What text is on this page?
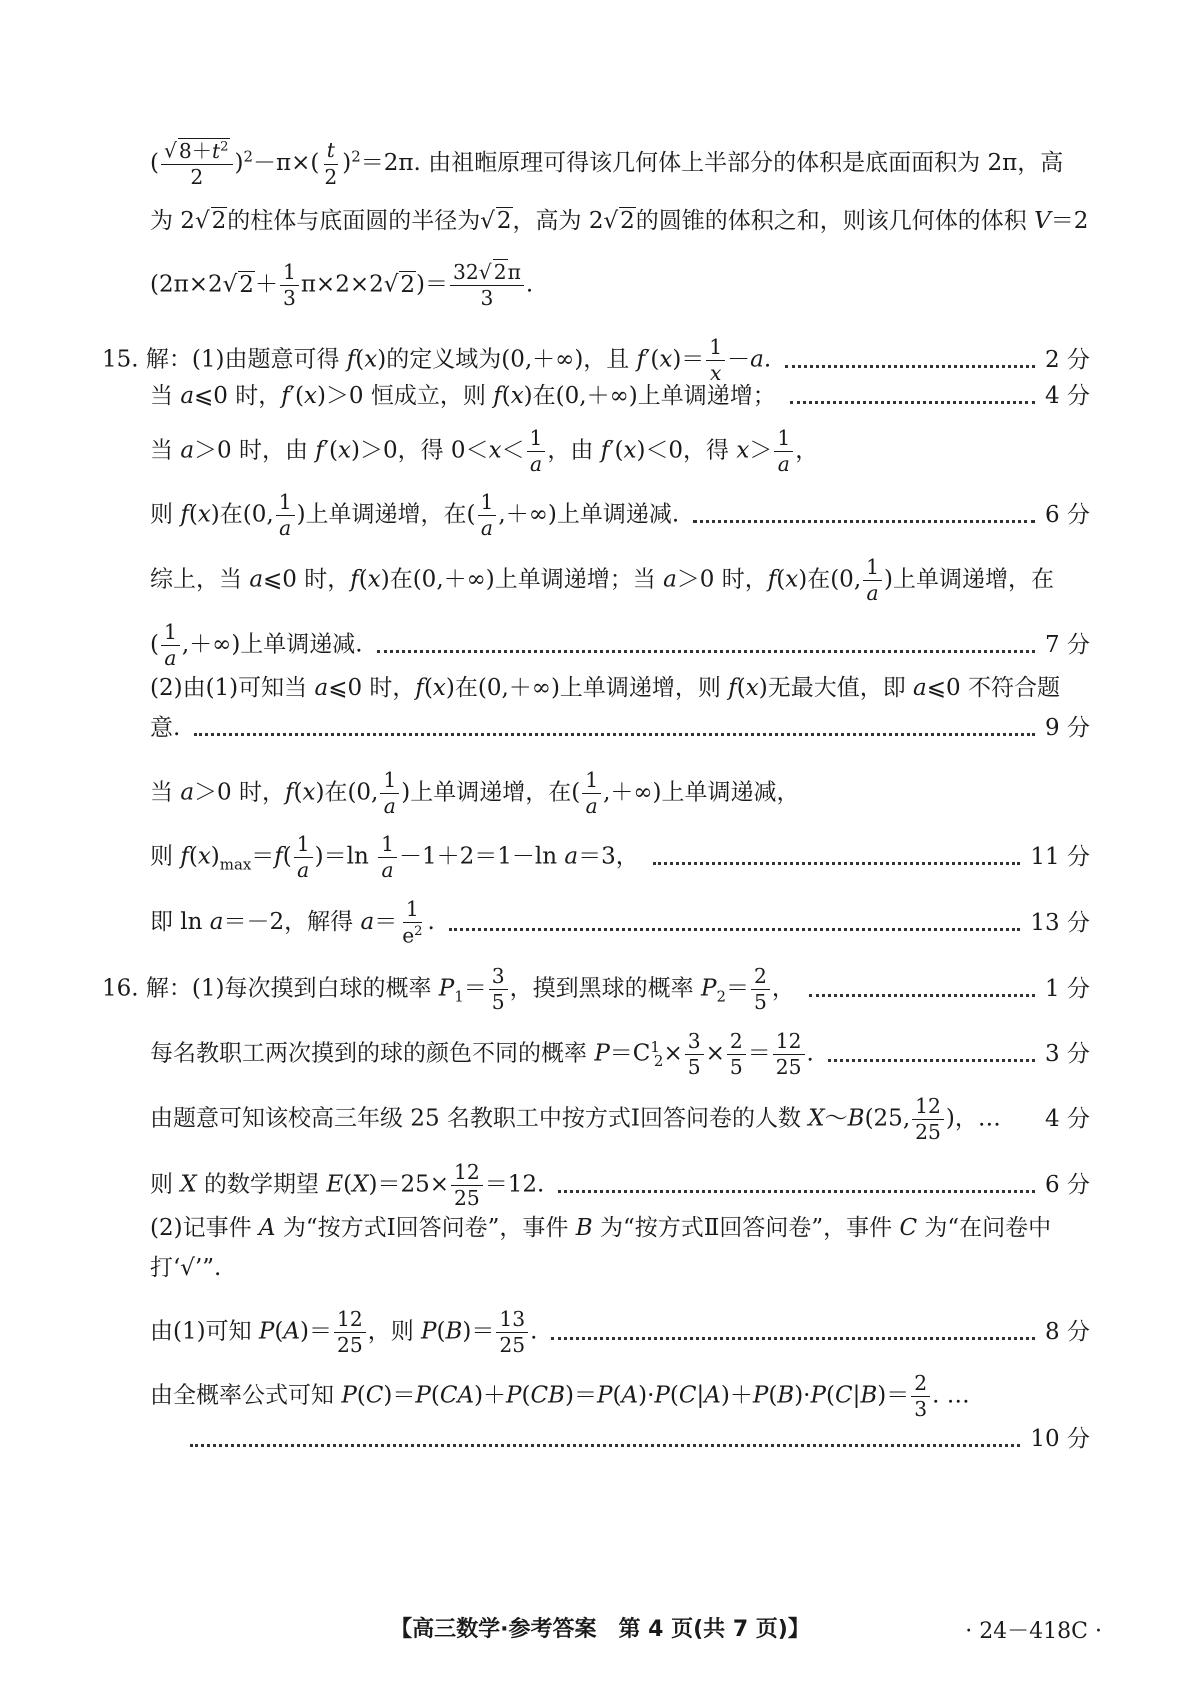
( $\frac{√8+t^2}{2} )^2-\pi\times( \frac{t}{2} )^2=2\pi$. 由祖暅原理可得该几何体上半部分的体积是底面面积为 2π，高
为 2√2的柱体与底面圆的半径为√2，高为 2√2的圆锥的体积之和，则该几何体的体积 V＝2
$(2\pi\times 2√2+ \frac{1}{3} \pi\times 2\times 2√2)= \frac{32√2\pi}{3}$ .
15. 解：(1)由题意可得 f(x)的定义域为(0,＋∞)，且 $f'(x)= \frac{1}{x} -a$.	2 分
当 a⩽0 时，f′(x)＞0 恒成立，则 f(x)在(0,＋∞)上单调递增；	4 分
当 a＞0 时，由 f′(x)＞0，得 $0<x< \frac{1}{a}$ ，由 f′(x)＜0，得 $x> \frac{1}{a}$ ，
则 f(x)在(0, $\frac{1}{a}$ )上单调递增，在( $\frac{1}{a}$ ,＋∞)上单调递减.	6 分
综上，当 a⩽0 时，f(x)在(0,＋∞)上单调递增；当 a＞0 时，f(x)在(0, $\frac{1}{a}$ )上单调递增，在
( $\frac{1}{a}$ ,＋∞)上单调递减.	7 分
(2)由(1)可知当 a⩽0 时，f(x)在(0,＋∞)上单调递增，则 f(x)无最大值，即 a⩽0 不符合题
意.	9 分
当 a＞0 时，f(x)在(0, $\frac{1}{a}$ )上单调递增，在( $\frac{1}{a}$ ,＋∞)上单调递减，
则 $f(x)_{max}=f( \frac{1}{a} )=\ln \frac{1}{a} -1+2=1-\ln$ a＝3，	11 分
即 ln a＝－2，解得 $a= \frac{1}{e^2}$ .	13 分
16. 解：(1)每次摸到白球的概率 $P_1= \frac{3}{5}$ ，摸到黑球的概率 $P_2= \frac{2}{5}$ ，	1 分
每名教职工两次摸到的球的颜色不同的概率 $P=C^1_2\times \frac{3}{5} \times \frac{2}{5} = \frac{12}{25}$ .	3 分
由题意可知该校高三年级 25 名教职工中按方式Ⅰ回答问卷的人数 X～B(25, $\frac{12}{25}$ )，… 4 分
则 X 的数学期望 $E(X)=25\times \frac{12}{25} =12$.	6 分
(2)记事件 A 为“按方式Ⅰ回答问卷”，事件 B 为“按方式Ⅱ回答问卷”，事件 C 为“在问卷中
打‘√’”.
由(1)可知 $P(A)= \frac{12}{25}$ ，则 $P(B)= \frac{13}{25}$ .	8 分
由全概率公式可知 $P(C)=P(CA)+P(CB)=P(A)\cdot P(C|A)+P(B)\cdot P(C|B)= \frac{2}{3}$ . …
10 分
【高三数学·参考答案　第 4 页(共 7 页)】	· 24－418C ·
